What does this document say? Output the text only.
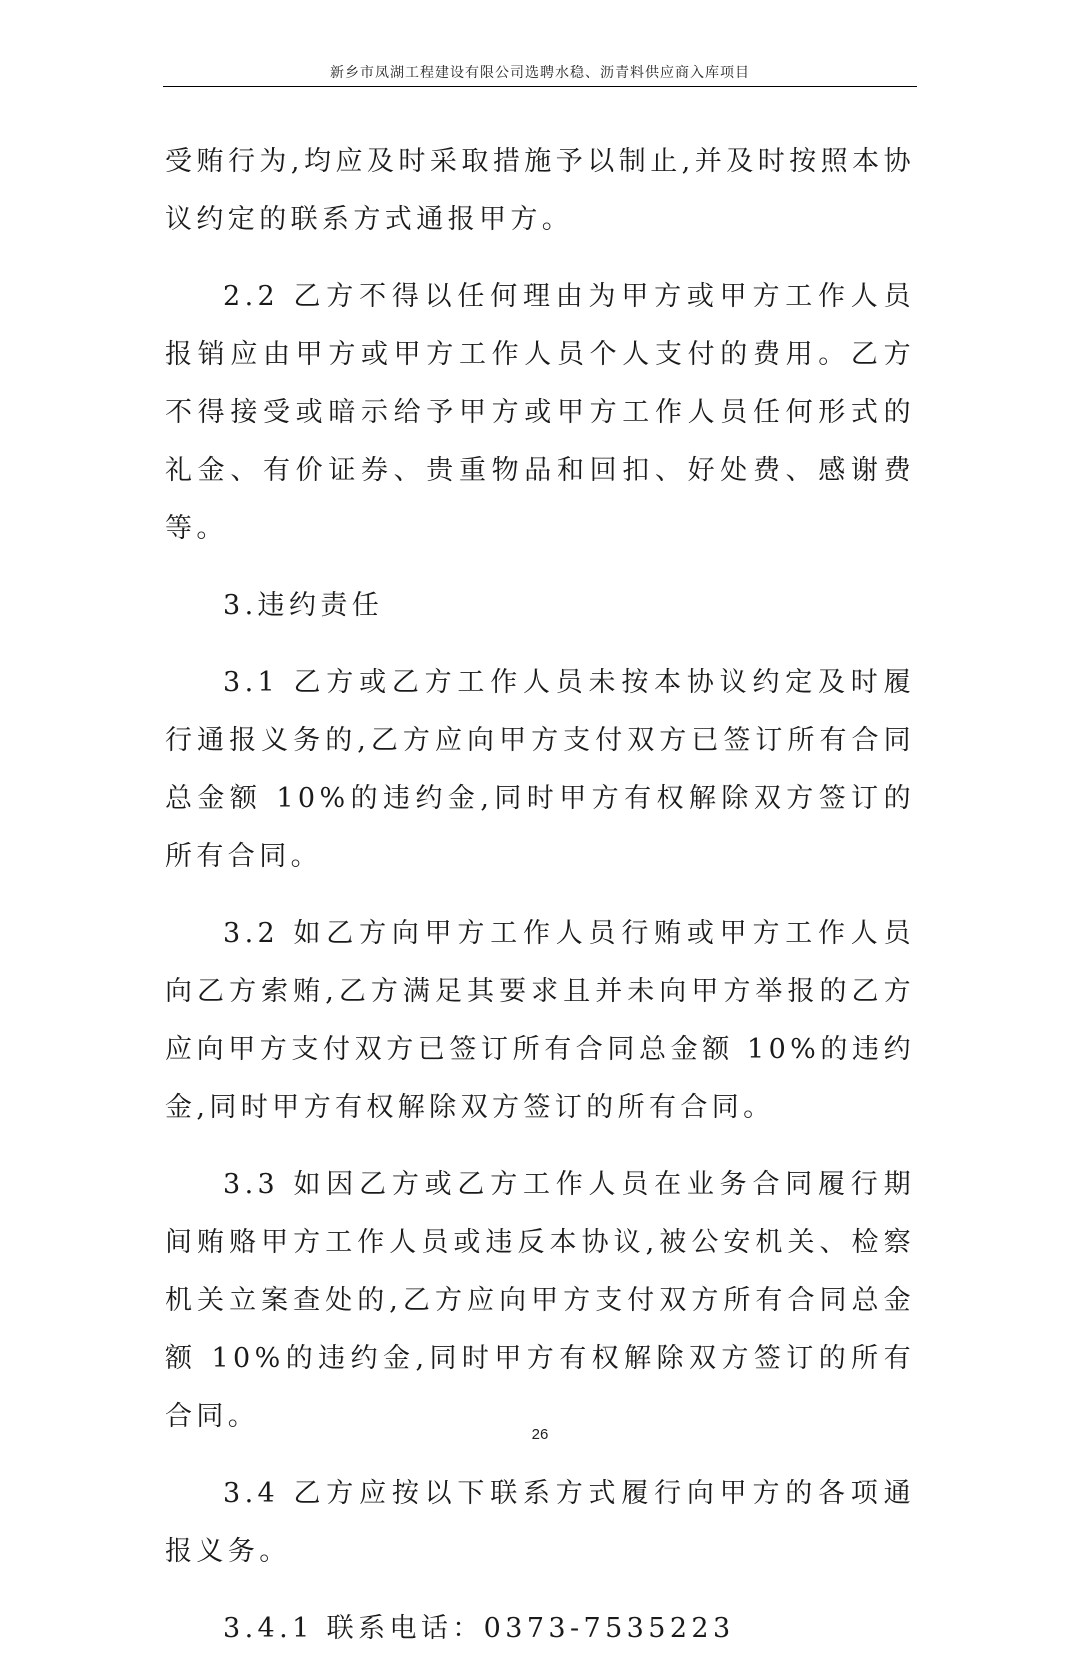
新乡市凤湖工程建设有限公司选聘水稳、沥青料供应商入库项目

受贿行为,均应及时采取措施予以制止,并及时按照本协议约定的联系方式通报甲方。

2.2 乙方不得以任何理由为甲方或甲方工作人员报销应由甲方或甲方工作人员个人支付的费用。乙方不得接受或暗示给予甲方或甲方工作人员任何形式的礼金、有价证券、贵重物品和回扣、好处费、感谢费等。

3.违约责任

3.1 乙方或乙方工作人员未按本协议约定及时履行通报义务的,乙方应向甲方支付双方已签订所有合同总金额 10%的违约金,同时甲方有权解除双方签订的所有合同。

3.2 如乙方向甲方工作人员行贿或甲方工作人员向乙方索贿,乙方满足其要求且并未向甲方举报的乙方应向甲方支付双方已签订所有合同总金额 10%的违约金,同时甲方有权解除双方签订的所有合同。

3.3 如因乙方或乙方工作人员在业务合同履行期间贿赂甲方工作人员或违反本协议,被公安机关、检察机关立案查处的,乙方应向甲方支付双方所有合同总金额 10%的违约金,同时甲方有权解除双方签订的所有合同。

3.4 乙方应按以下联系方式履行向甲方的各项通报义务。

3.4.1 联系电话：0373-7535223

26
